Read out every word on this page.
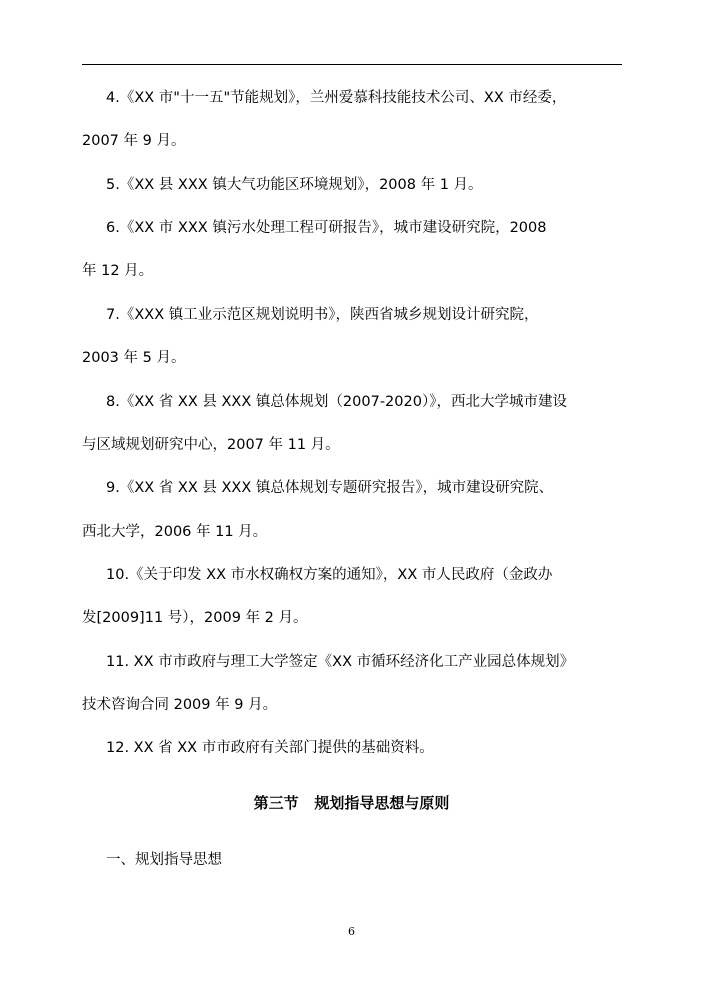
4.《XX 市"十一五"节能规划》，兰州爱慕科技能技术公司、XX 市经委，
2007 年 9 月。
5.《XX 县 XXX 镇大气功能区环境规划》，2008 年 1 月。
6.《XX 市 XXX 镇污水处理工程可研报告》，城市建设研究院，2008
年 12 月。
7.《XXX 镇工业示范区规划说明书》，陕西省城乡规划设计研究院，
2003 年 5 月。
8.《XX 省 XX 县 XXX 镇总体规划（2007-2020）》，西北大学城市建设
与区域规划研究中心，2007 年 11 月。
9.《XX 省 XX 县 XXX 镇总体规划专题研究报告》，城市建设研究院、
西北大学，2006 年 11 月。
10.《关于印发 XX 市水权确权方案的通知》，XX 市人民政府（金政办
发[2009]11 号），2009 年 2 月。
11. XX 市市政府与理工大学签定《XX 市循环经济化工产业园总体规划》
技术咨询合同 2009 年 9 月。
12. XX 省 XX 市市政府有关部门提供的基础资料。
第三节   规划指导思想与原则
一、规划指导思想
6
